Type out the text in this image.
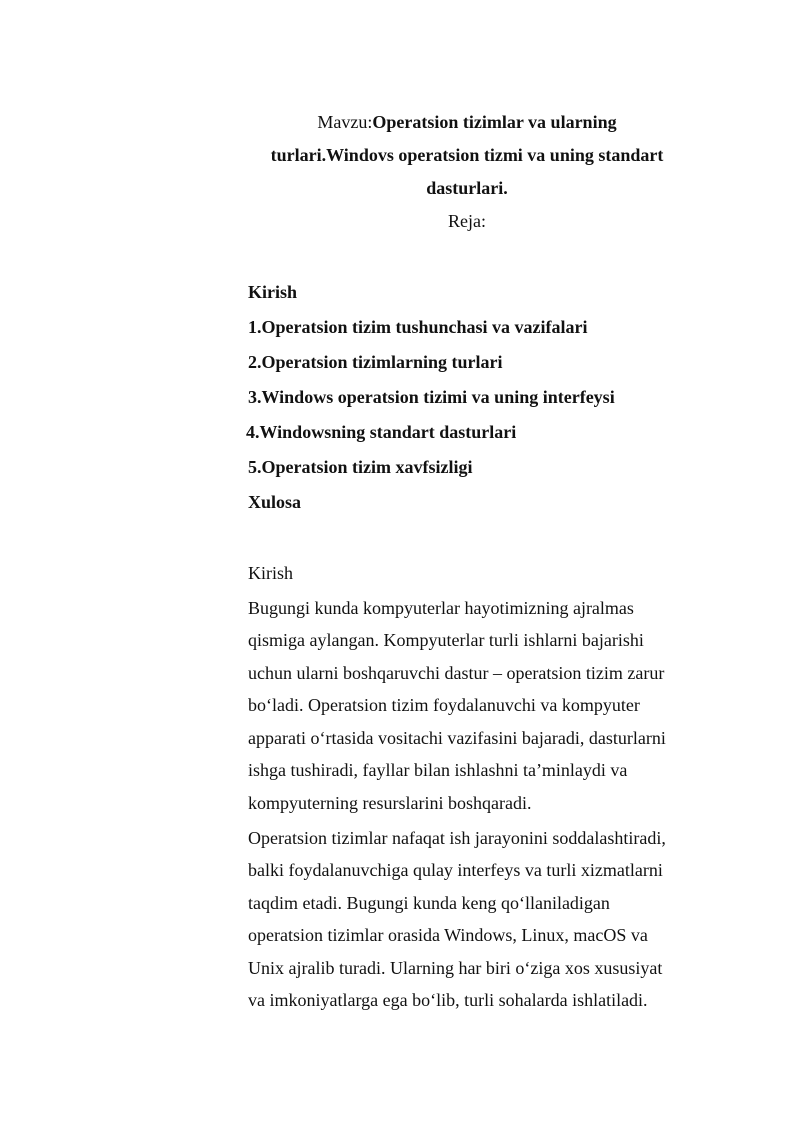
Mavzu:Operatsion tizimlar va ularning
turlari.Windovs operatsion tizmi va uning standart
dasturlari.
Reja:
Kirish
1.Operatsion tizim tushunchasi va vazifalari
2.Operatsion tizimlarning turlari
3.Windows operatsion tizimi va uning interfeysi
4.Windowsning standart dasturlari
5.Operatsion tizim xavfsizligi
Xulosa
Kirish
Bugungi kunda kompyuterlar hayotimizning ajralmas
qismiga aylangan. Kompyuterlar turli ishlarni bajarishi
uchun ularni boshqaruvchi dastur – operatsion tizim zarur
bo‘ladi. Operatsion tizim foydalanuvchi va kompyuter
apparati o‘rtasida vositachi vazifasini bajaradi, dasturlarni
ishga tushiradi, fayllar bilan ishlashni ta’minlaydi va
kompyuterning resurslarini boshqaradi.
Operatsion tizimlar nafaqat ish jarayonini soddalashtiradi,
balki foydalanuvchiga qulay interfeys va turli xizmatlarni
taqdim etadi. Bugungi kunda keng qo‘llaniladigan
operatsion tizimlar orasida Windows, Linux, macOS va
Unix ajralib turadi. Ularning har biri o‘ziga xos xususiyat
va imkoniyatlarga ega bo‘lib, turli sohalarda ishlatiladi.
